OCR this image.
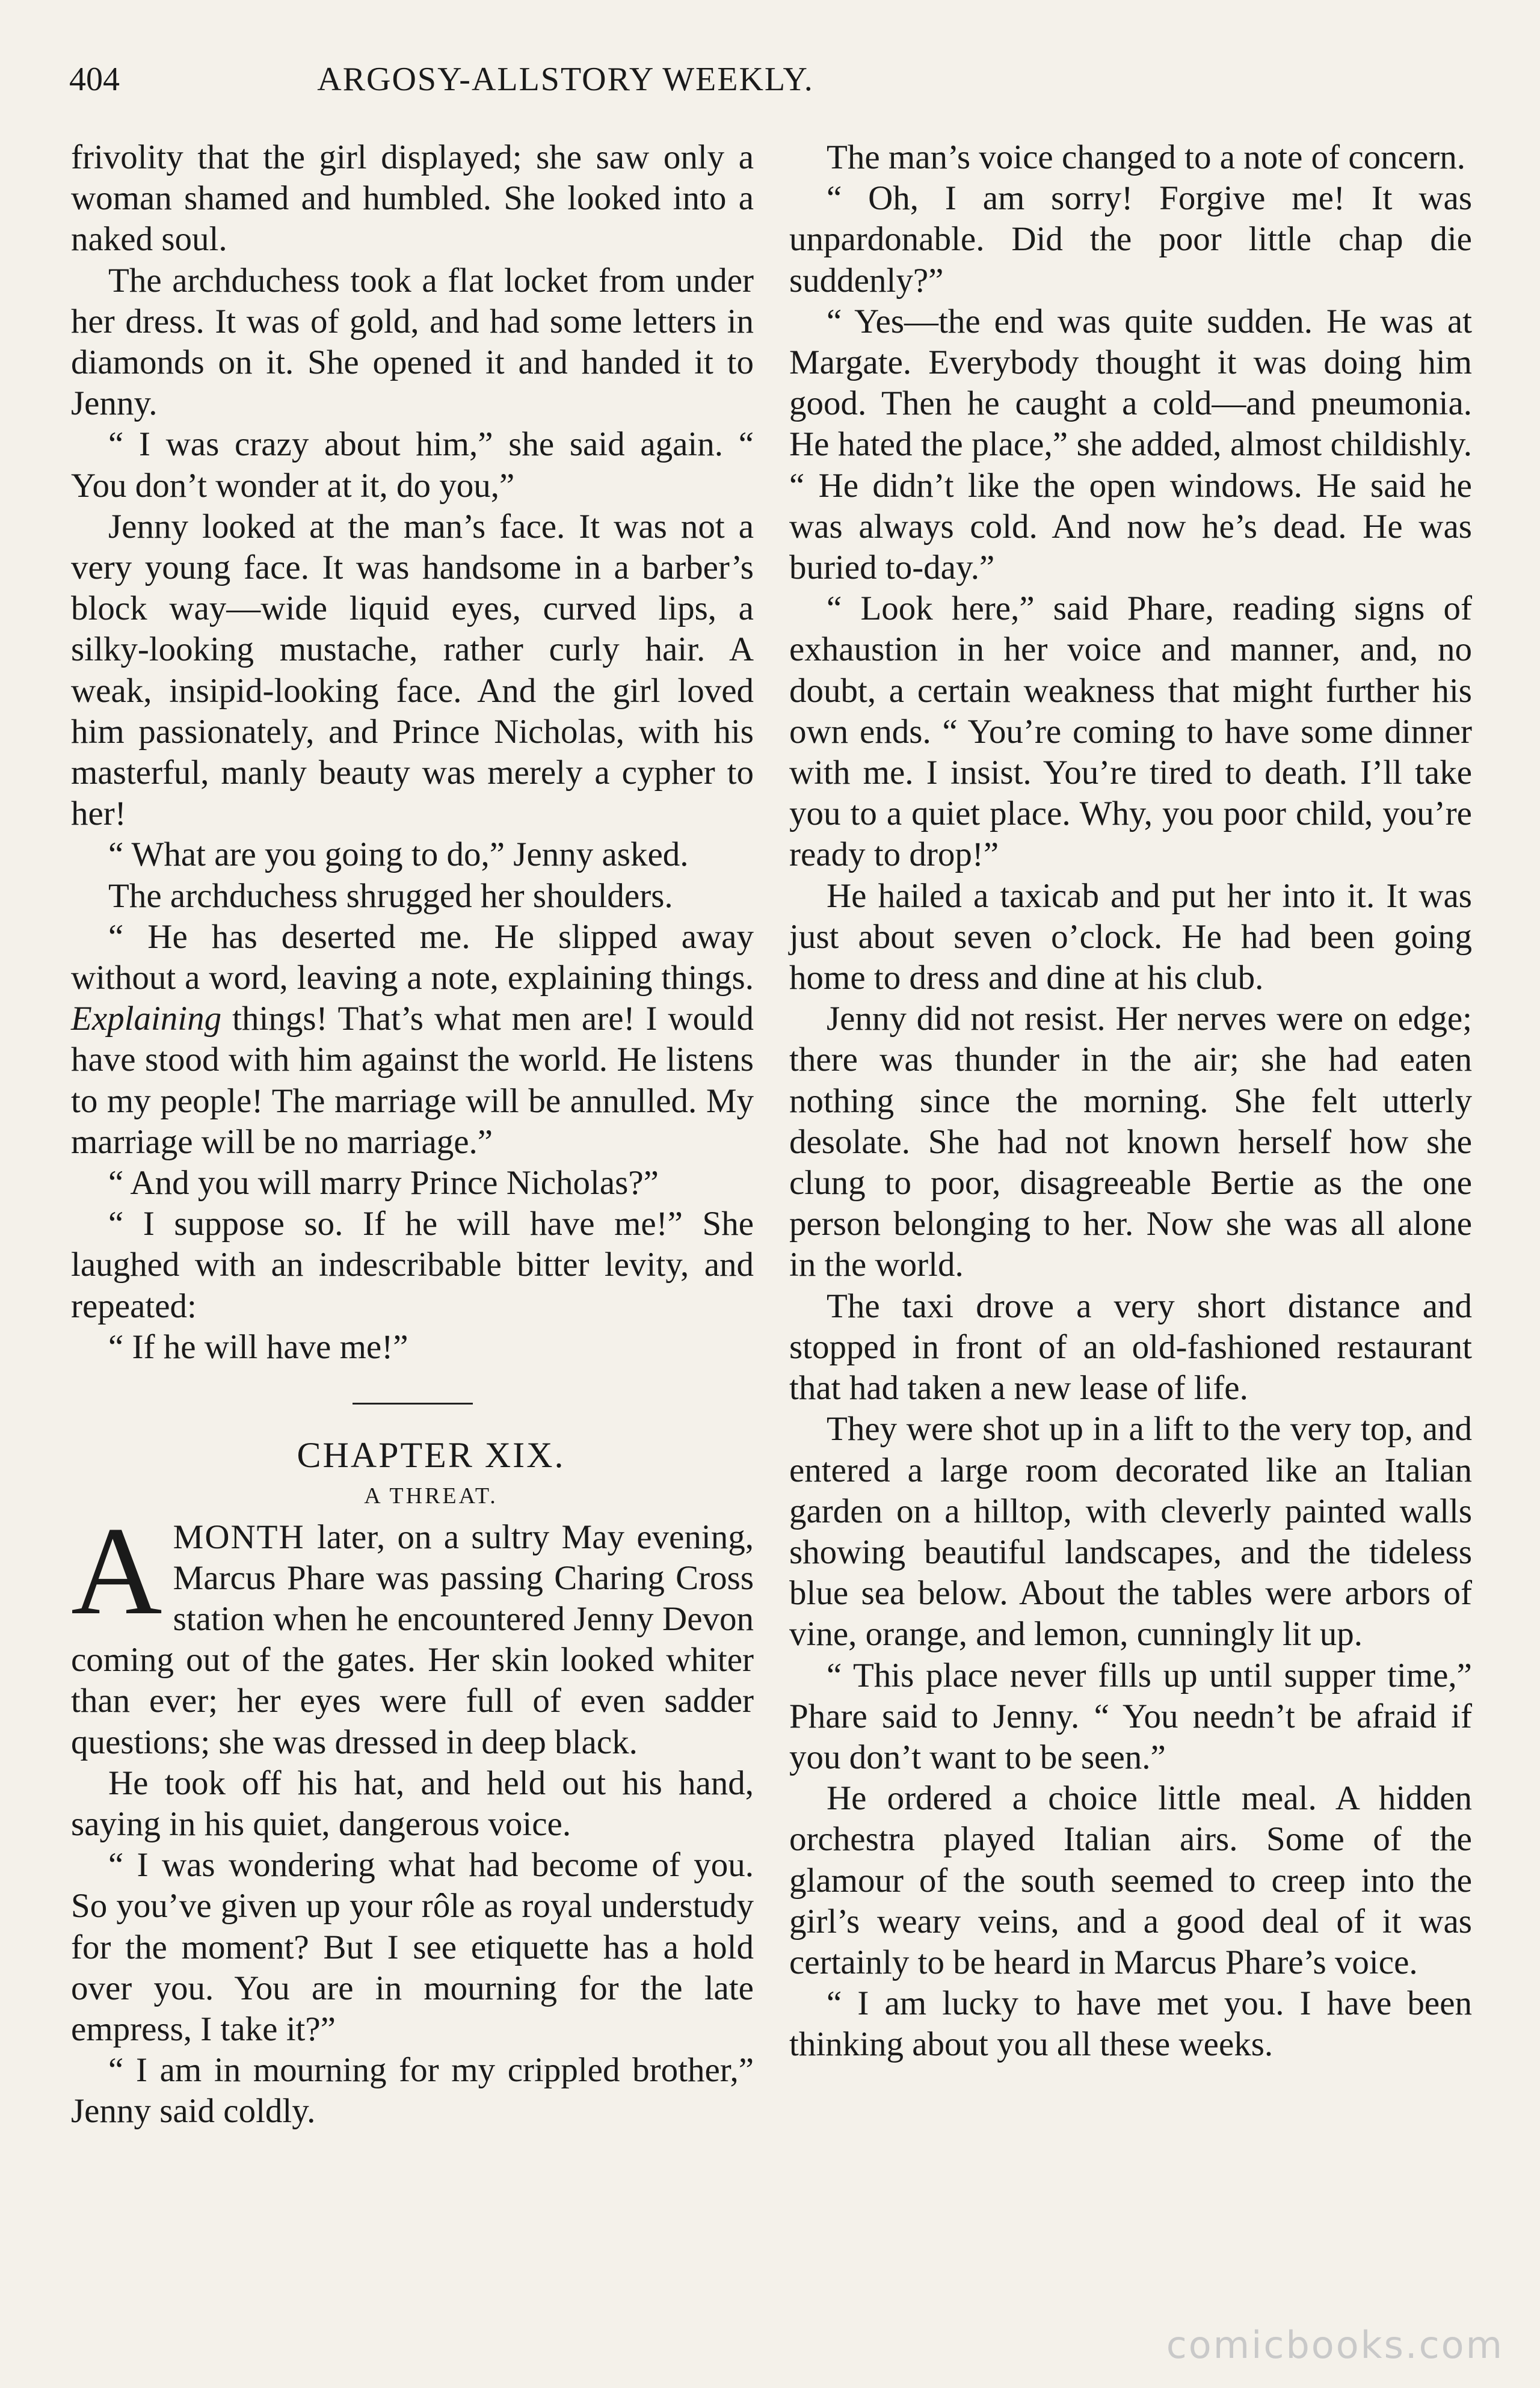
404	ARGOSY-ALLSTORY WEEKLY.

frivolity that the girl displayed; she saw only a woman shamed and humbled. She looked into a naked soul.

The archduchess took a flat locket from under her dress. It was of gold, and had some letters in diamonds on it. She opened it and handed it to Jenny.

“ I was crazy about him,” she said again. “ You don’t wonder at it, do you,”

Jenny looked at the man’s face. It was not a very young face. It was handsome in a barber’s block way—wide liquid eyes, curved lips, a silky-looking mustache, rather curly hair. A weak, insipid-looking face. And the girl loved him passionately, and Prince Nicholas, with his masterful, manly beauty was merely a cypher to her!

“ What are you going to do,” Jenny asked.

The archduchess shrugged her shoulders.

“ He has deserted me. He slipped away without a word, leaving a note, explaining things. Explaining things! That’s what men are! I would have stood with him against the world. He listens to my people! The marriage will be annulled. My marriage will be no marriage.”

“ And you will marry Prince Nicholas?”

“ I suppose so. If he will have me!” She laughed with an indescribable bitter levity, and repeated:

“ If he will have me!”

CHAPTER XIX.

A THREAT.

AMONTH later, on a sultry May evening, Marcus Phare was passing Charing Cross station when he encountered Jenny Devon coming out of the gates. Her skin looked whiter than ever; her eyes were full of even sadder questions; she was dressed in deep black.

He took off his hat, and held out his hand, saying in his quiet, dangerous voice.

“ I was wondering what had become of you. So you’ve given up your rôle as royal understudy for the moment? But I see etiquette has a hold over you. You are in mourning for the late empress, I take it?”

“ I am in mourning for my crippled brother,” Jenny said coldly.

The man’s voice changed to a note of concern.

“ Oh, I am sorry! Forgive me! It was unpardonable. Did the poor little chap die suddenly?”

“ Yes—the end was quite sudden. He was at Margate. Everybody thought it was doing him good. Then he caught a cold—and pneumonia. He hated the place,” she added, almost childishly. “ He didn’t like the open windows. He said he was always cold. And now he’s dead. He was buried to-day.”

“ Look here,” said Phare, reading signs of exhaustion in her voice and manner, and, no doubt, a certain weakness that might further his own ends. “ You’re coming to have some dinner with me. I insist. You’re tired to death. I’ll take you to a quiet place. Why, you poor child, you’re ready to drop!”

He hailed a taxicab and put her into it. It was just about seven o’clock. He had been going home to dress and dine at his club.

Jenny did not resist. Her nerves were on edge; there was thunder in the air; she had eaten nothing since the morning. She felt utterly desolate. She had not known herself how she clung to poor, disagreeable Bertie as the one person belonging to her. Now she was all alone in the world.

The taxi drove a very short distance and stopped in front of an old-fashioned restaurant that had taken a new lease of life.

They were shot up in a lift to the very top, and entered a large room decorated like an Italian garden on a hilltop, with cleverly painted walls showing beautiful landscapes, and the tideless blue sea below. About the tables were arbors of vine, orange, and lemon, cunningly lit up.

“ This place never fills up until supper time,” Phare said to Jenny. “ You needn’t be afraid if you don’t want to be seen.”

He ordered a choice little meal. A hidden orchestra played Italian airs. Some of the glamour of the south seemed to creep into the girl’s weary veins, and a good deal of it was certainly to be heard in Marcus Phare’s voice.

“ I am lucky to have met you. I have been thinking about you all these weeks.

comicbooks.com
